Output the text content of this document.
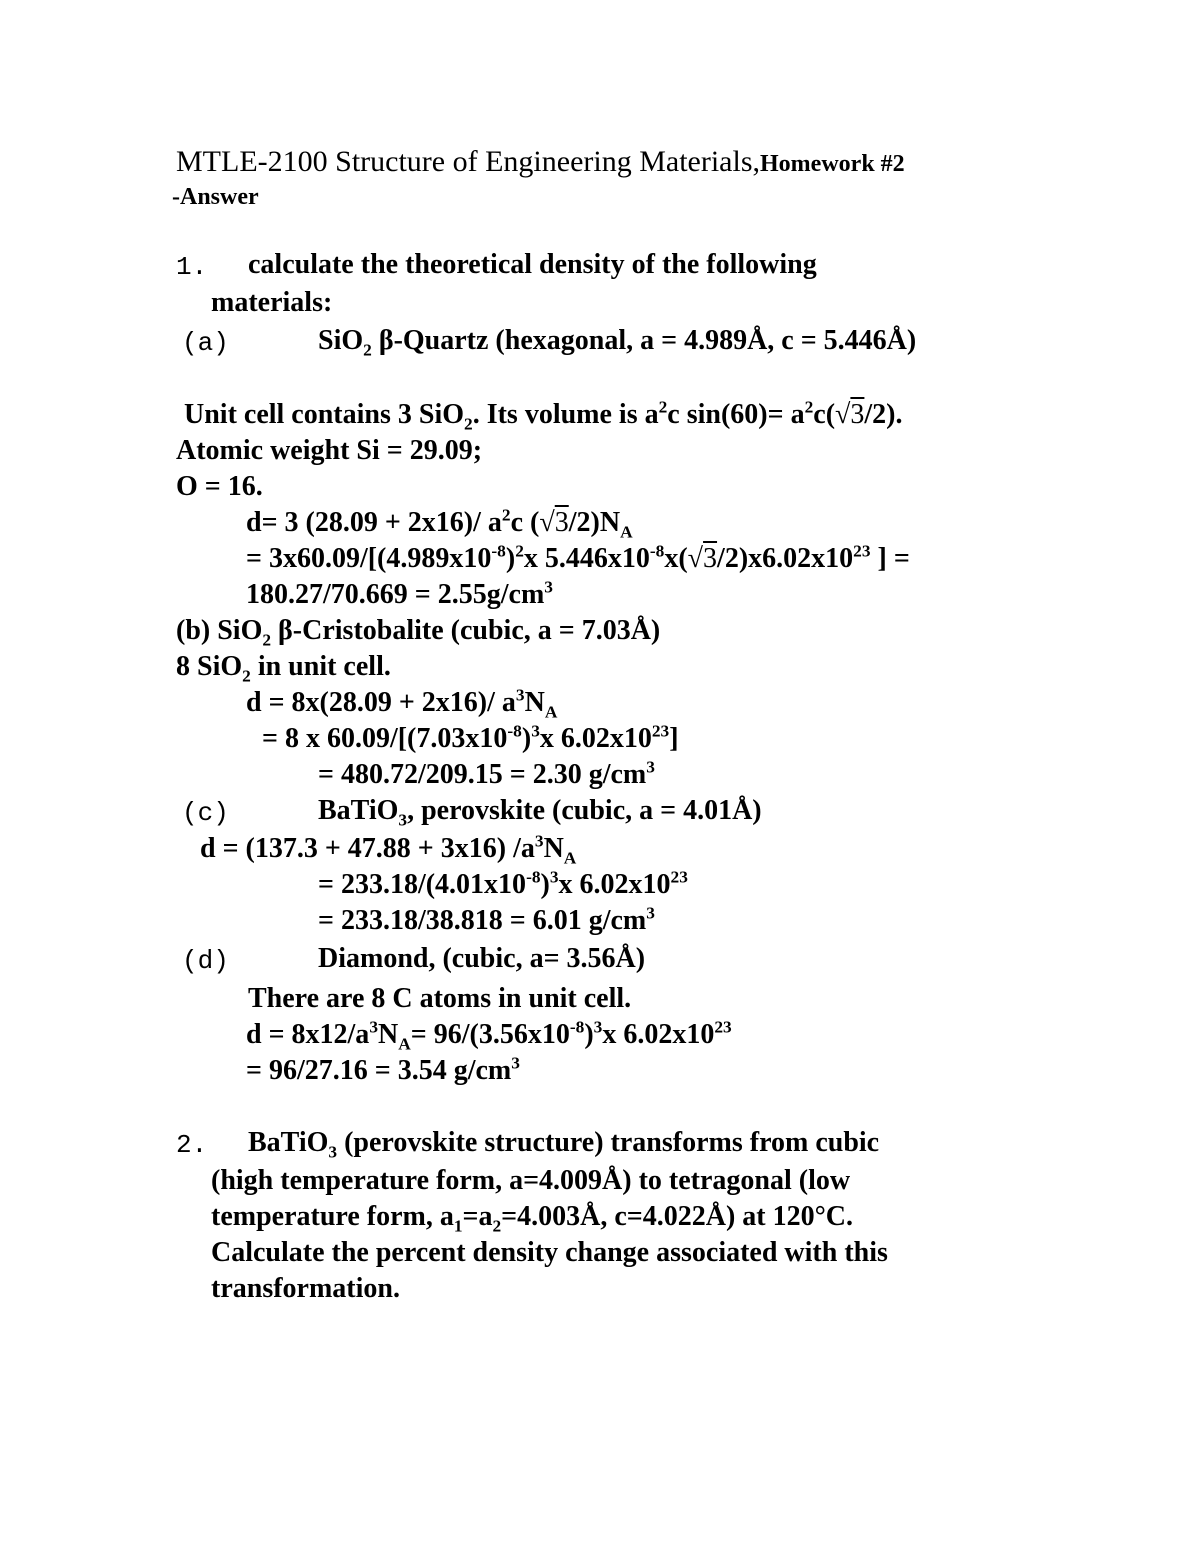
MTLE-2100 Structure of Engineering Materials,Homework #2
-Answer
1. calculate the theoretical density of the following
materials:
(a)	SiO$_2$ β-Quartz (hexagonal, a = 4.989Å, c = 5.446Å)
Unit cell contains 3 SiO$_2$. Its volume is $a^2c$ $\sin(60)= a^2c(√3/2)$.
Atomic weight Si = 29.09;
O = 16.
d= 3 (28.09 + 2x16)/ $a^2c$ $(√3/2)N_A$
= $3x60.09/[(4.989x10^{-8})^2x$ $5.446x10^{-8}x(√3/2)x6.02x10^{23}$ ] =
$180.27/70.669 = 2.55g/cm^3$
(b) SiO$_2$ β-Cristobalite (cubic, a = 7.03Å)
8 SiO$_2$ in unit cell.
d = 8x(28.09 + 2x16)/ $a^3N_A$
= 8 x $60.09/[(7.03x10^{-8})^3x$ $6.02x10^{23}$]
= 480.72/209.15 = 2.30 $g/cm^3$
(c)	BaTiO$_3$, perovskite (cubic, a = 4.01Å)
d = (137.3 + 47.88 + 3x16) $/a^3N_A$
= $233.18/(4.01x10^{-8})^3x$ $6.02x10^{23}$
= 233.18/38.818 = 6.01 $g/cm^3$
(d)	Diamond, (cubic, a= 3.56Å)
There are 8 C atoms in unit cell.
$d = 8x12/a^3N_A= 96/(3.56x10^{-8})^3x$ $6.02x10^{23}$
= 96/27.16 = 3.54 $g/cm^3$
2. BaTiO$_3$ (perovskite structure) transforms from cubic
(high temperature form, a=4.009Å) to tetragonal (low
temperature form, $a_1=a_2=4.003Å$, c=4.022Å) at 120°C.
Calculate the percent density change associated with this
transformation.
